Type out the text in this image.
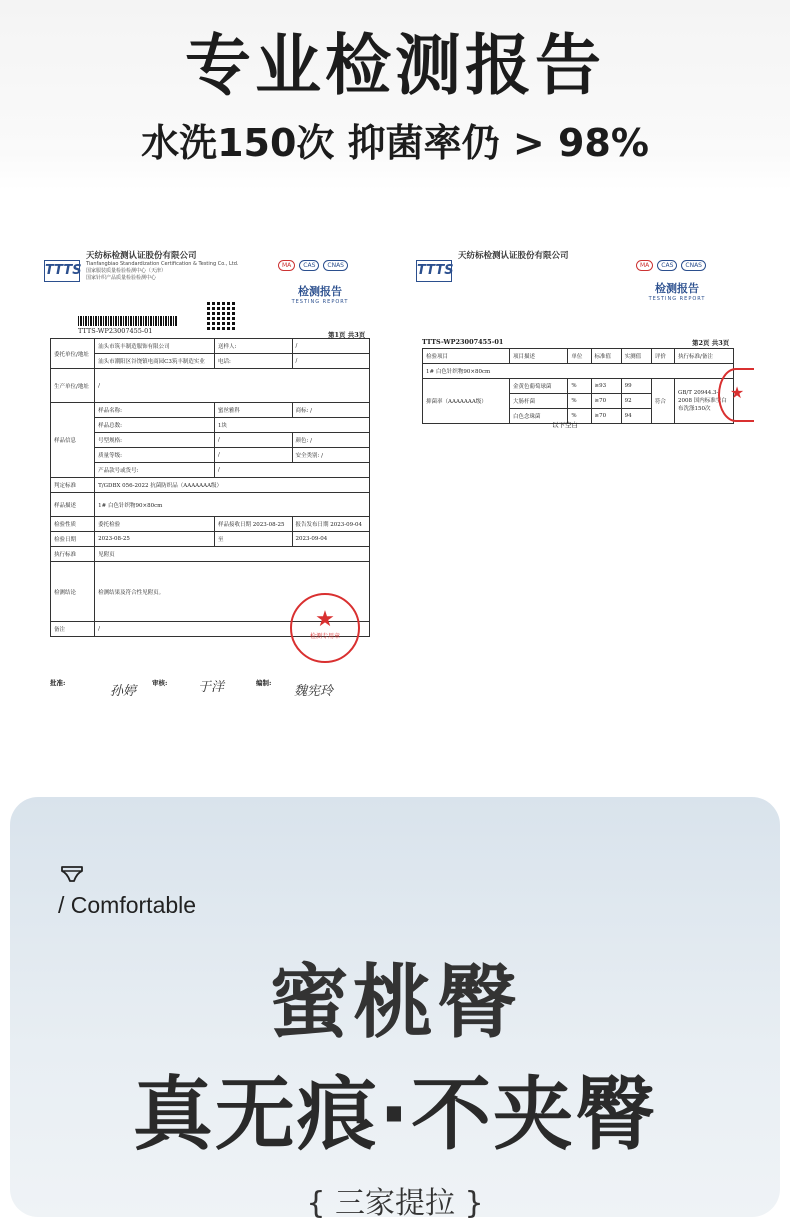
专业检测报告
水洗150次 抑菌率仍 > 98%
TTTS
天纺标检测认证股份有限公司
Tianfangbiao Standardization Certification & Testing Co., Ltd.
国家服装质量检验检测中心（天津）
国家针织产品质量检验检测中心
MA	CAS	CNAS
检测报告
TESTING REPORT
TTTS-WP23007455-01	第1页 共3页
委托单位/地址	汕头市筑丰制造服饰有限公司	送样人:	/
	汕头市潮阳区谷饶镇电商园C3筑丰制造实业	电话:	/
生产单位/地址	/		
样品信息	样品名称:	蜜丝雅科	商标: /
	样品总数:	1块	
	号型规格:	/	颜色: /
	质量等级:	/	安全类别: /
	产品款号或货号:	/	
判定标准	T/GDBX 056-2022 抗菌防织品（AAAAAAA级）		
样品描述	1# 白色针织物90×80cm		
检验性质	委托检验	样品接收日期 2023-08-25	报告发布日期 2023-09-04
检验日期	2023-08-25	至	2023-09-04
执行标准	见附页		
检测结论	检测结果及符合性见附页。		
备注	/			★
检测专用章
批准:
孙婷
审核: 于洋	编制:
魏宪玲
TTTS
天纺标检测认证股份有限公司
MA	CAS	CNAS
检测报告
TESTING REPORT
TTTS-WP23007455-01	第2页 共3页
检验项目	项目描述	单位	标准值	实测值	评价	执行标准/备注
1# 白色针织物90×80cm						
抑菌率（AAAAAAA级）	金黄色葡萄球菌	%	≥93	99	符合	GB/T 20944.3-2008 国内标准空白布洗涤150次
	大肠杆菌	%	≥70	92		
	白色念珠菌	%	≥70	94		
以下空白
★
/ Comfortable
蜜桃臀
真无痕·不夹臀
{ 三家提拉 }
